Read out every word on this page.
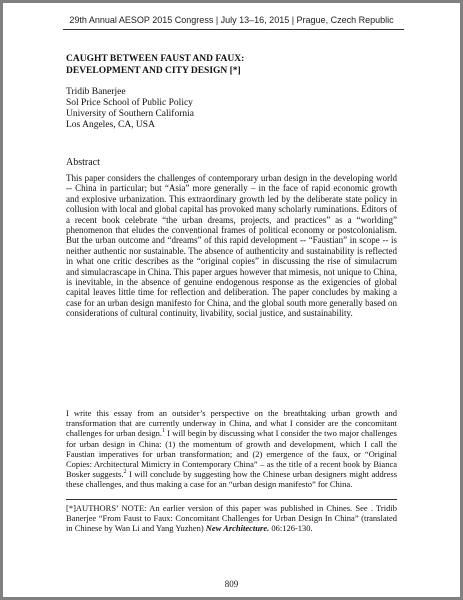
29th Annual AESOP 2015 Congress | July 13–16, 2015 | Prague, Czech Republic

CAUGHT BETWEEN FAUST AND FAUX:

DEVELOPMENT AND CITY DESIGN [*]

Tridib Banerjee

Sol Price School of Public Policy

University of Southern California

Los Angeles, CA, USA

Abstract

This paper considers the challenges of contemporary urban design in the developing world -- China in particular; but “Asia” more generally – in the face of rapid economic growth and explosive urbanization. This extraordinary growth led by the deliberate state policy in collusion with local and global capital has provoked many scholarly ruminations. Editors of a recent book celebrate “the urban dreams, projects, and practices” as a “worlding” phenomenon that eludes the conventional frames of political economy or postcolonialism. But the urban outcome and “dreams” of this rapid development -- “Faustian” in scope -- is neither authentic nor sustainable. The absence of authenticity and sustainability is reflected in what one critic describes as the “original copies” in discussing the rise of simulacrum and simulacrascape in China. This paper argues however that mimesis, not unique to China, is inevitable, in the absence of genuine endogenous response as the exigencies of global capital leaves little time for reflection and deliberation. The paper concludes by making a case for an urban design manifesto for China, and the global south more generally based on considerations of cultural continuity, livability, social justice, and sustainability.

I write this essay from an outsider’s perspective on the breathtaking urban growth and transformation that are currently underway in China, and what I consider are the concomitant challenges for urban design.$^1$ I will begin by discussing what I consider the two major challenges for urban design in China: (1) the momentum of growth and development, which I call the Faustian imperatives for urban transformation; and (2) emergence of the faux, or “Original Copies: Architectural Mimicry in Contemporary China” – as the title of a recent book by Bianca Bosker suggests.$^2$ I will conclude by suggesting how the Chinese urban designers might address these challenges, and thus making a case for an “urban design manifesto” for China.

[*]AUTHORS’ NOTE: An earlier version of this paper was published in Chines. See . Tridib Banerjee “From Faust to Faux: Concomitant Challenges for Urban Design In China” (translated in Chinese by Wan Li and Yang Yuzhen) New Architecture. 06:126-130.

809
